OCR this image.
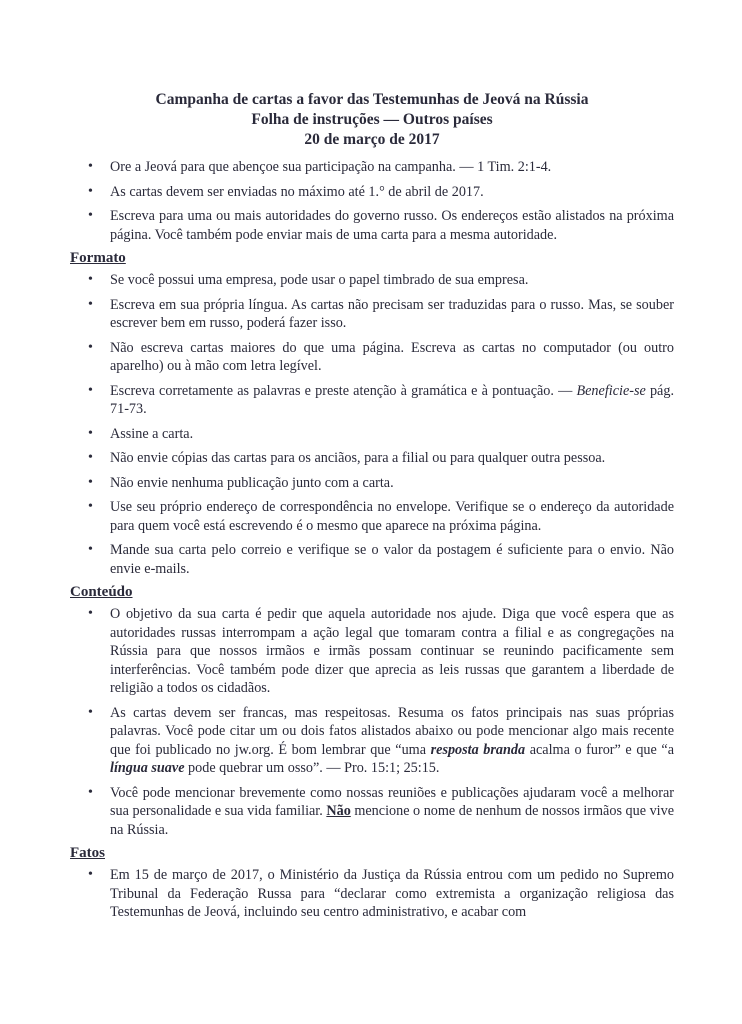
Campanha de cartas a favor das Testemunhas de Jeová na Rússia
Folha de instruções — Outros países
20 de março de 2017
• Ore a Jeová para que abençoe sua participação na campanha. — 1 Tim. 2:1-4.
• As cartas devem ser enviadas no máximo até 1.° de abril de 2017.
• Escreva para uma ou mais autoridades do governo russo. Os endereços estão alistados na próxima página. Você também pode enviar mais de uma carta para a mesma autoridade.
Formato
• Se você possui uma empresa, pode usar o papel timbrado de sua empresa.
• Escreva em sua própria língua. As cartas não precisam ser traduzidas para o russo. Mas, se souber escrever bem em russo, poderá fazer isso.
• Não escreva cartas maiores do que uma página. Escreva as cartas no computador (ou outro aparelho) ou à mão com letra legível.
• Escreva corretamente as palavras e preste atenção à gramática e à pontuação. — Beneficie-se pág. 71-73.
• Assine a carta.
• Não envie cópias das cartas para os anciãos, para a filial ou para qualquer outra pessoa.
• Não envie nenhuma publicação junto com a carta.
• Use seu próprio endereço de correspondência no envelope. Verifique se o endereço da autoridade para quem você está escrevendo é o mesmo que aparece na próxima página.
• Mande sua carta pelo correio e verifique se o valor da postagem é suficiente para o envio. Não envie e-mails.
Conteúdo
• O objetivo da sua carta é pedir que aquela autoridade nos ajude. Diga que você espera que as autoridades russas interrompam a ação legal que tomaram contra a filial e as congregações na Rússia para que nossos irmãos e irmãs possam continuar se reunindo pacificamente sem interferências. Você também pode dizer que aprecia as leis russas que garantem a liberdade de religião a todos os cidadãos.
• As cartas devem ser francas, mas respeitosas. Resuma os fatos principais nas suas próprias palavras. Você pode citar um ou dois fatos alistados abaixo ou pode mencionar algo mais recente que foi publicado no jw.org. É bom lembrar que “uma resposta branda acalma o furor” e que “a língua suave pode quebrar um osso”. — Pro. 15:1; 25:15.
• Você pode mencionar brevemente como nossas reuniões e publicações ajudaram você a melhorar sua personalidade e sua vida familiar. Não mencione o nome de nenhum de nossos irmãos que vive na Rússia.
Fatos
• Em 15 de março de 2017, o Ministério da Justiça da Rússia entrou com um pedido no Supremo Tribunal da Federação Russa para “declarar como extremista a organização religiosa das Testemunhas de Jeová, incluindo seu centro administrativo, e acabar com
